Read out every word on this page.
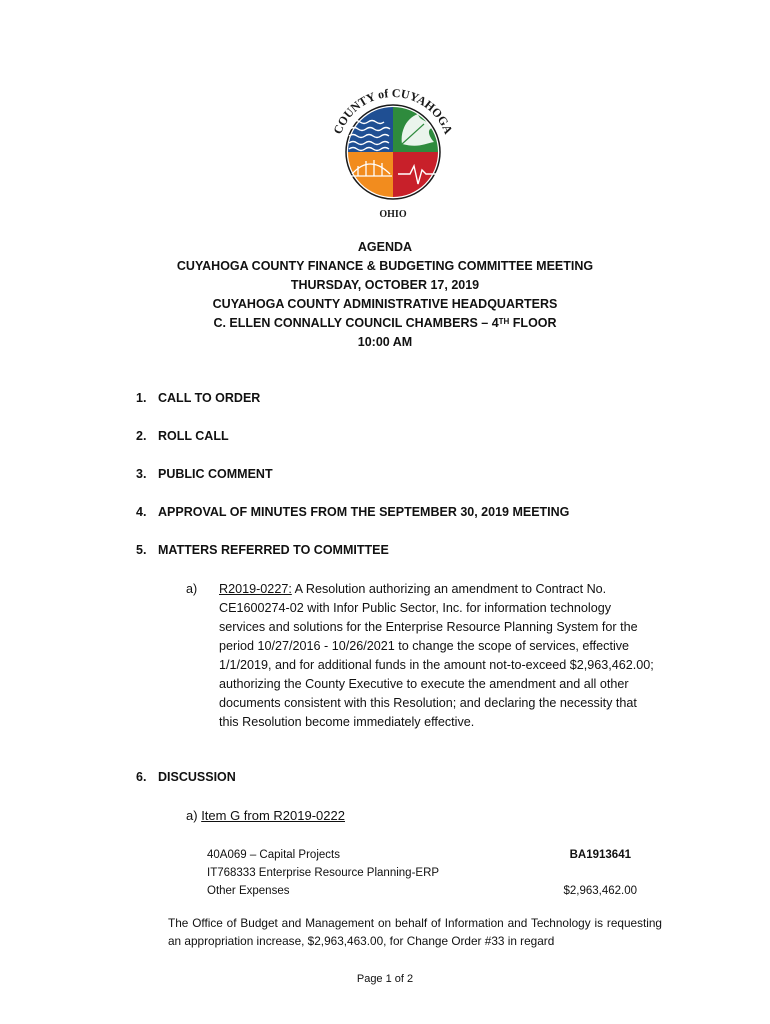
COUNTY of CUYAHOGA
OHIO
AGENDA
CUYAHOGA COUNTY FINANCE & BUDGETING COMMITTEE MEETING
THURSDAY, OCTOBER 17, 2019
CUYAHOGA COUNTY ADMINISTRATIVE HEADQUARTERS
C. ELLEN CONNALLY COUNCIL CHAMBERS – 4TH FLOOR
10:00 AM
1. CALL TO ORDER
2. ROLL CALL
3. PUBLIC COMMENT
4. APPROVAL OF MINUTES FROM THE SEPTEMBER 30, 2019 MEETING
5. MATTERS REFERRED TO COMMITTEE
a) R2019-0227: A Resolution authorizing an amendment to Contract No. CE1600274-02 with Infor Public Sector, Inc. for information technology services and solutions for the Enterprise Resource Planning System for the period 10/27/2016 - 10/26/2021 to change the scope of services, effective 1/1/2019, and for additional funds in the amount not-to-exceed $2,963,462.00; authorizing the County Executive to execute the amendment and all other documents consistent with this Resolution; and declaring the necessity that this Resolution become immediately effective.
6. DISCUSSION
a) Item G from R2019-0222
40A069 – Capital Projects	BA1913641
IT768333 Enterprise Resource Planning-ERP
Other Expenses	$2,963,462.00
The Office of Budget and Management on behalf of Information and Technology is requesting an appropriation increase, $2,963,463.00, for Change Order #33 in regard
Page 1 of 2
